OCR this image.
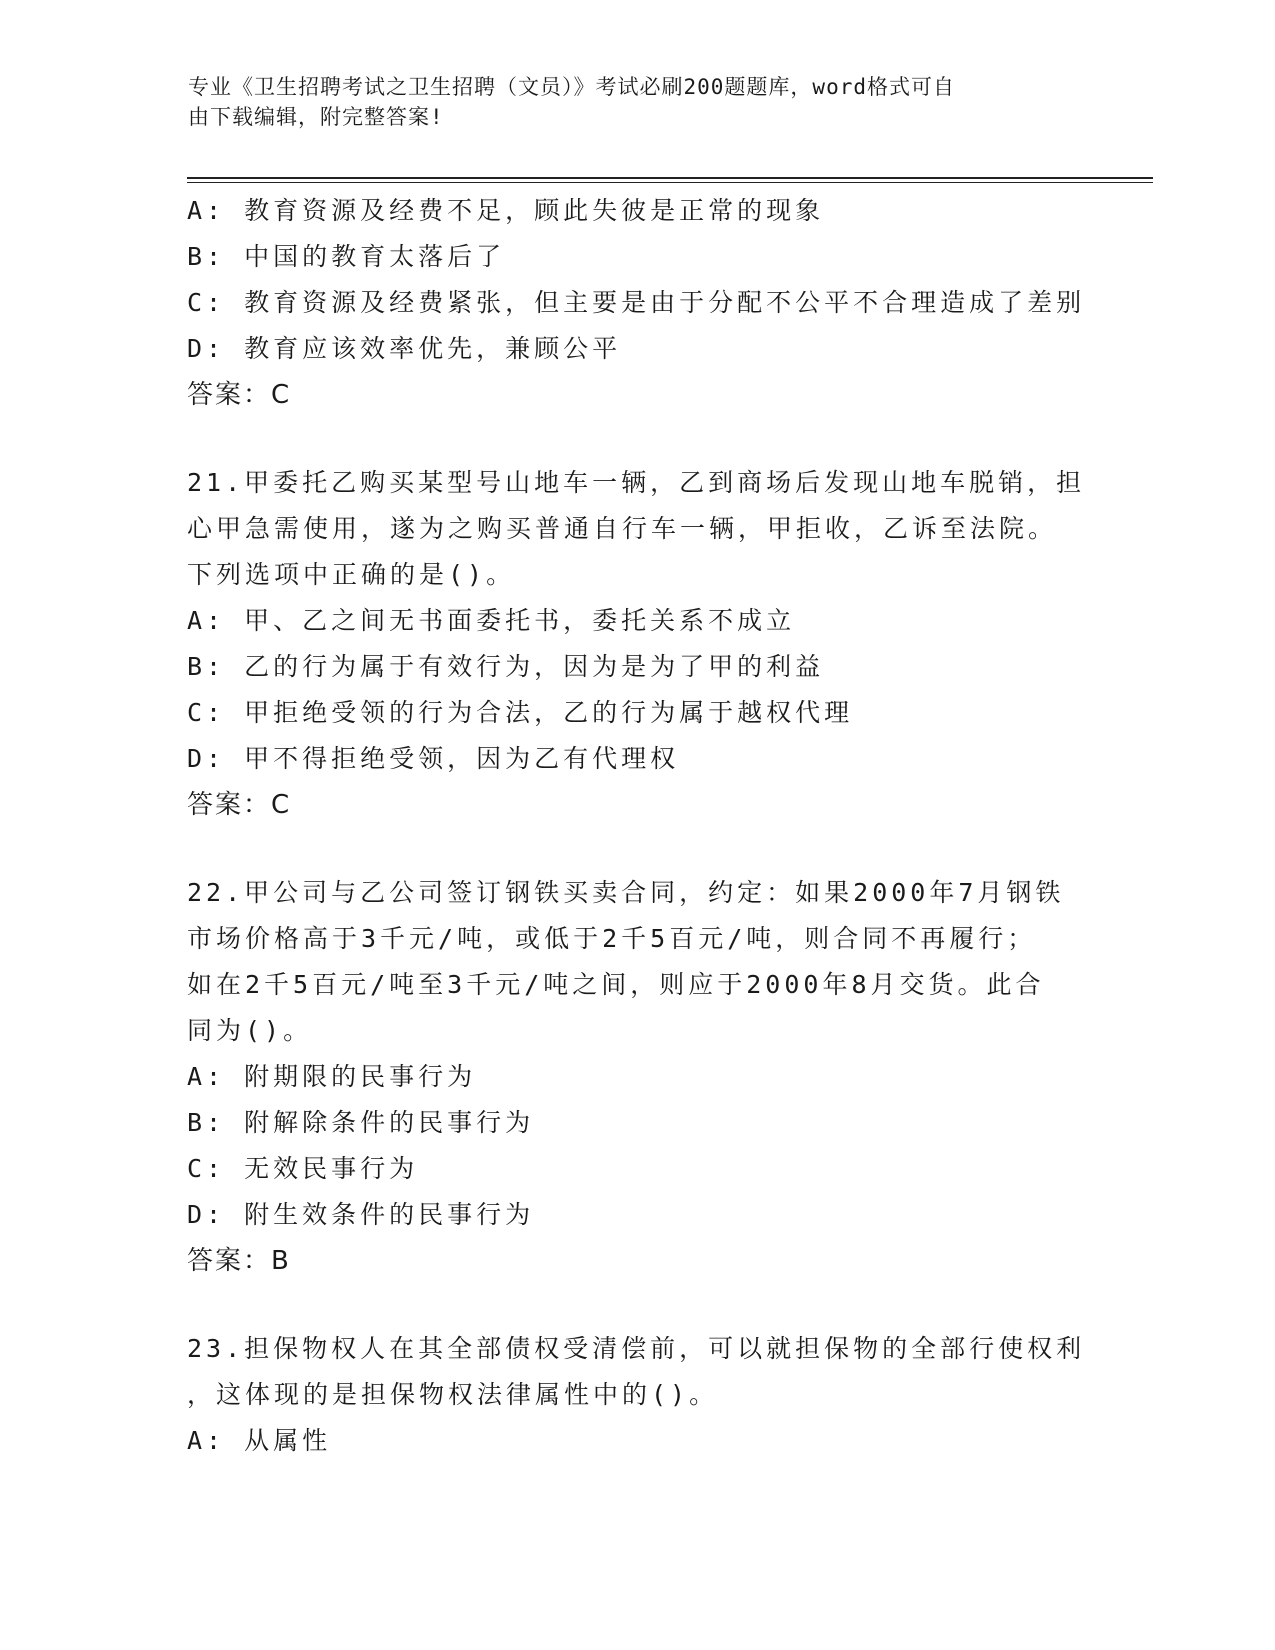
专业《卫生招聘考试之卫生招聘（文员）》考试必刷200题题库，word格式可自
由下载编辑，附完整答案!
A: 教育资源及经费不足，顾此失彼是正常的现象
B: 中国的教育太落后了
C: 教育资源及经费紧张，但主要是由于分配不公平不合理造成了差别
D: 教育应该效率优先，兼顾公平
答案：C
21.甲委托乙购买某型号山地车一辆，乙到商场后发现山地车脱销，担
心甲急需使用，遂为之购买普通自行车一辆，甲拒收，乙诉至法院。
下列选项中正确的是()。
A: 甲、乙之间无书面委托书，委托关系不成立
B: 乙的行为属于有效行为，因为是为了甲的利益
C: 甲拒绝受领的行为合法，乙的行为属于越权代理
D: 甲不得拒绝受领，因为乙有代理权
答案：C
22.甲公司与乙公司签订钢铁买卖合同，约定：如果2000年7月钢铁
市场价格高于3千元/吨，或低于2千5百元/吨，则合同不再履行；
如在2千5百元/吨至3千元/吨之间，则应于2000年8月交货。此合
同为()。
A: 附期限的民事行为
B: 附解除条件的民事行为
C: 无效民事行为
D: 附生效条件的民事行为
答案：B
23.担保物权人在其全部债权受清偿前，可以就担保物的全部行使权利
，这体现的是担保物权法律属性中的()。
A: 从属性
